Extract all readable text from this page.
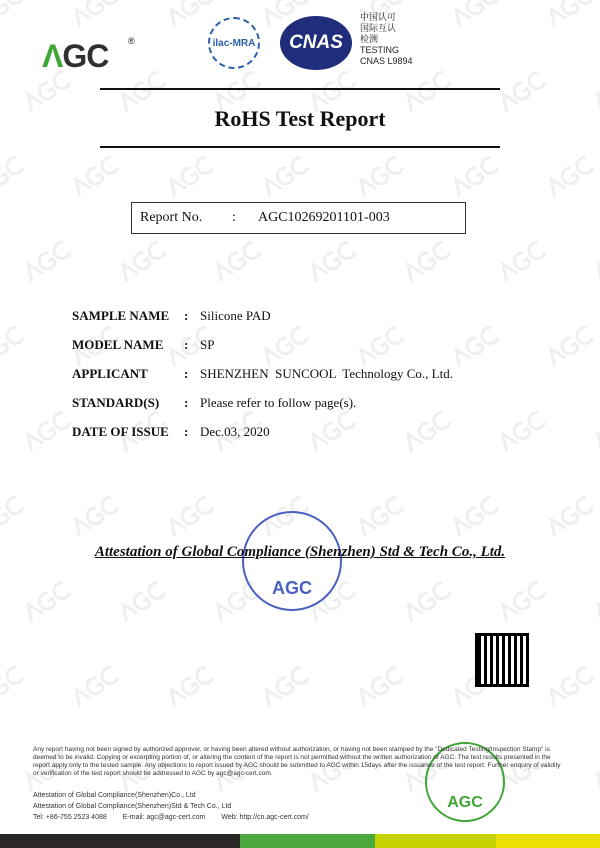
ΛGC ®	ilac-MRA	CNAS
中国认可
国际互认
检测
TESTING
CNAS L9894
RoHS Test Report
Report No.	:	AGC10269201101-003
SAMPLE NAME	: Silicone PAD
MODEL NAME	: SP
APPLICANT	: SHENZHEN  SUNCOOL  Technology Co., Ltd.
STANDARD(S)	: Please refer to follow page(s).
DATE OF ISSUE	: Dec.03, 2020
AGC
Attestation of Global Compliance (Shenzhen) Std & Tech Co., Ltd.
Any report having not been signed by authorized approver, or having been altered without authorization, or having not been stamped by the "Dedicated Testing/Inspection Stamp" is deemed to be invalid. Copying or excerpting portion of, or altering the content of the report is not permitted without the written authorization of AGC. The test results presented in the report apply only to the tested sample. Any objections to report issued by AGC should be submitted to AGC within 15days after the issuance of the test report. Further enquiry of validity or verification of the test report should be addressed to AGC by agc@agc-cert.com.
Attestation of Global Compliance(Shenzhen)Co., Ltd
Attestation of Global Compliance(Shenzhen)Std & Tech Co., Ltd
Tel: +86-755 2523 4088 E-mail: agc@agc-cert.com Web: http://cn.agc-cert.com/
AGC
